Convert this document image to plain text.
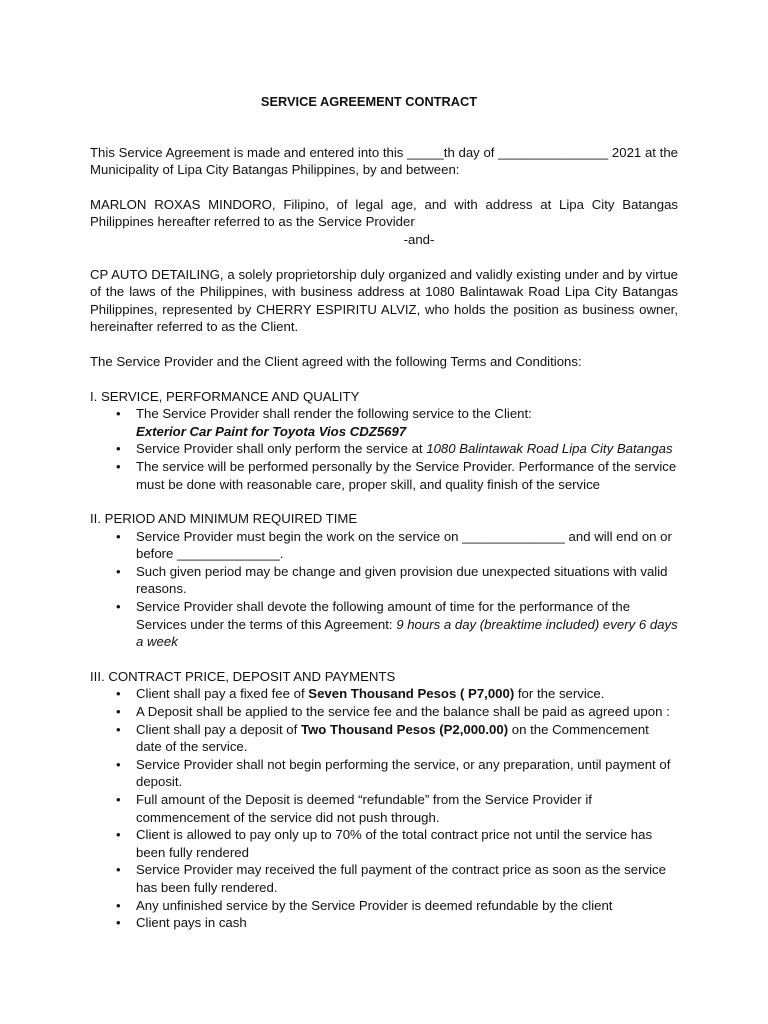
SERVICE AGREEMENT CONTRACT

This Service Agreement is made and entered into this _____th day of _______________ 2021 at the Municipality of Lipa City Batangas Philippines, by and between:

MARLON ROXAS MINDORO, Filipino, of legal age, and with address at Lipa City Batangas Philippines hereafter referred to as the Service Provider

-and-

CP AUTO DETAILING, a solely proprietorship duly organized and validly existing under and by virtue of the laws of the Philippines, with business address at 1080 Balintawak Road Lipa City Batangas Philippines, represented by CHERRY ESPIRITU ALVIZ, who holds the position as business owner, hereinafter referred to as the Client.

The Service Provider and the Client agreed with the following Terms and Conditions:

I. SERVICE, PERFORMANCE AND QUALITY

• The Service Provider shall render the following service to the Client:
Exterior Car Paint for Toyota Vios CDZ5697
• Service Provider shall only perform the service at 1080 Balintawak Road Lipa City Batangas
• The service will be performed personally by the Service Provider. Performance of the service must be done with reasonable care, proper skill, and quality finish of the service

II. PERIOD AND MINIMUM REQUIRED TIME

• Service Provider must begin the work on the service on ______________ and will end on or before ______________.
• Such given period may be change and given provision due unexpected situations with valid reasons.
• Service Provider shall devote the following amount of time for the performance of the Services under the terms of this Agreement: 9 hours a day (breaktime included) every 6 days a week

III. CONTRACT PRICE, DEPOSIT AND PAYMENTS

• Client shall pay a fixed fee of Seven Thousand Pesos ( P7,000) for the service.
• A Deposit shall be applied to the service fee and the balance shall be paid as agreed upon :
• Client shall pay a deposit of Two Thousand Pesos (P2,000.00) on the Commencement date of the service.
• Service Provider shall not begin performing the service, or any preparation, until payment of deposit.
• Full amount of the Deposit is deemed “refundable” from the Service Provider if commencement of the service did not push through.
• Client is allowed to pay only up to 70% of the total contract price not until the service has been fully rendered
• Service Provider may received the full payment of the contract price as soon as the service has been fully rendered.
• Any unfinished service by the Service Provider is deemed refundable by the client
• Client pays in cash
